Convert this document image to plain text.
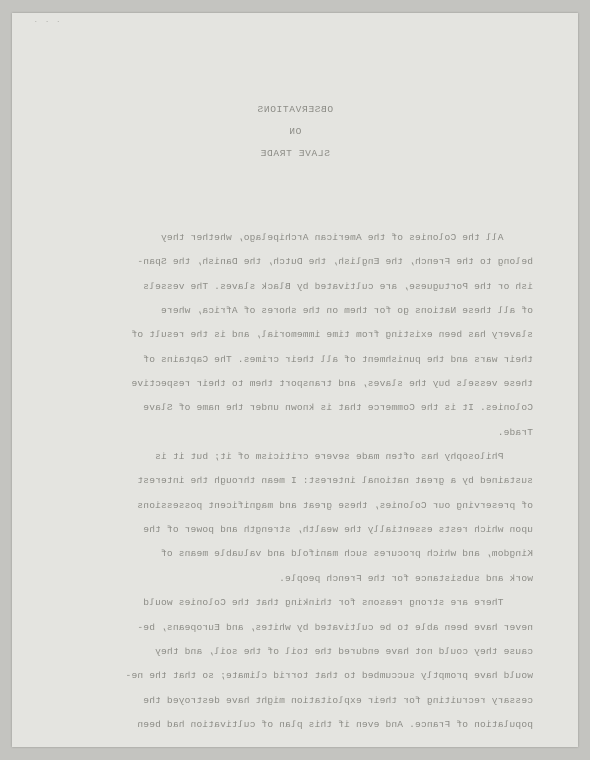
. . .
OBSERVATIONS
ON
SLAVE TRADE
All the Colonies of the American Archipelago, whether they
belong to the French, the English, the Dutch, the Danish, the Span-
ish or the Portuguese, are cultivated by Black slaves. The vessels
of all these Nations go for them on the shores of Africa, where
slavery has been existing from time immemorial, and is the result of
their wars and the punishment of all their crimes. The Captains of
these vessels buy the slaves, and transport them to their respective
Colonies. It is the Commerce that is known under the name of Slave
Trade.
Philosophy has often made severe criticism of it; but it is
sustained by a great national interest: I mean through the interest
of preserving our Colonies, these great and magnificent possessions
upon which rests essentially the wealth, strength and power of the
Kingdom, and which procures such manifold and valuable means of
work and subsistance for the French people.
There are strong reasons for thinking that the Colonies would
never have been able to be cultivated by whites, and Europeans, be-
cause they could not have endured the toil of the soil, and they
would have promptly succumbed to that torrid climate; so that the ne-
cessary recruiting for their exploitation might have destroyed the
population of France. And even if this plan of cultivation had been
